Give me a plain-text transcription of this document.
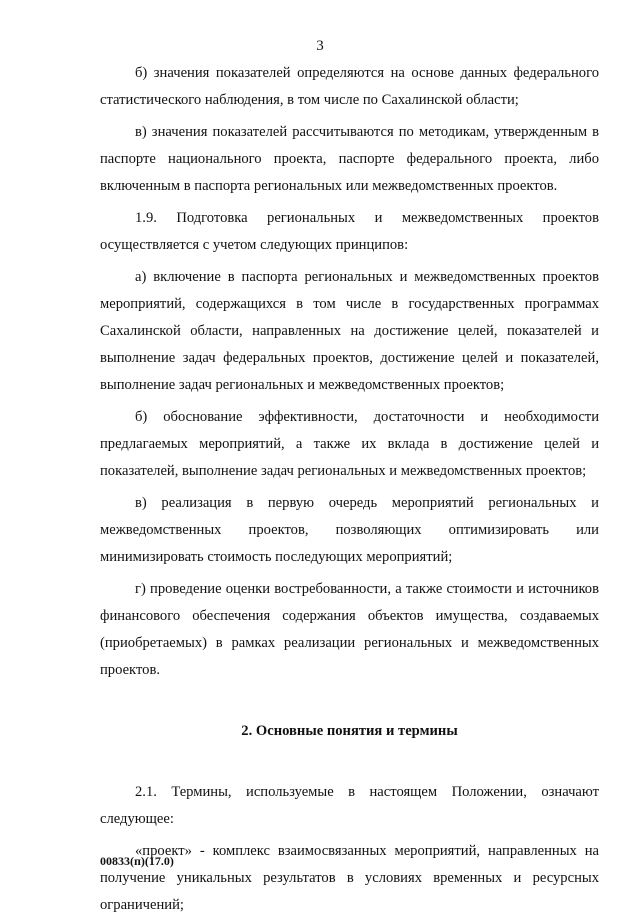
3

б) значения показателей определяются на основе данных федерального статистического наблюдения, в том числе по Сахалинской области;

в) значения показателей рассчитываются по методикам, утвержденным в паспорте национального проекта, паспорте федерального проекта, либо включенным в паспорта региональных или межведомственных проектов.

1.9. Подготовка региональных и межведомственных проектов осуществляется с учетом следующих принципов:

а) включение в паспорта региональных и межведомственных проектов мероприятий, содержащихся в том числе в государственных программах Сахалинской области, направленных на достижение целей, показателей и выполнение задач федеральных проектов, достижение целей и показателей, выполнение задач региональных и межведомственных проектов;

б) обоснование эффективности, достаточности и необходимости предлагаемых мероприятий, а также их вклада в достижение целей и показателей, выполнение задач региональных и межведомственных проектов;

в) реализация в первую очередь мероприятий региональных и межведомственных проектов, позволяющих оптимизировать или минимизировать стоимость последующих мероприятий;

г) проведение оценки востребованности, а также стоимости и источников финансового обеспечения содержания объектов имущества, создаваемых (приобретаемых) в рамках реализации региональных и межведомственных проектов.

2. Основные понятия и термины

2.1. Термины, используемые в настоящем Положении, означают следующее:

«проект» - комплекс взаимосвязанных мероприятий, направленных на получение уникальных результатов в условиях временных и ресурсных ограничений;

00833(п)(17.0)
